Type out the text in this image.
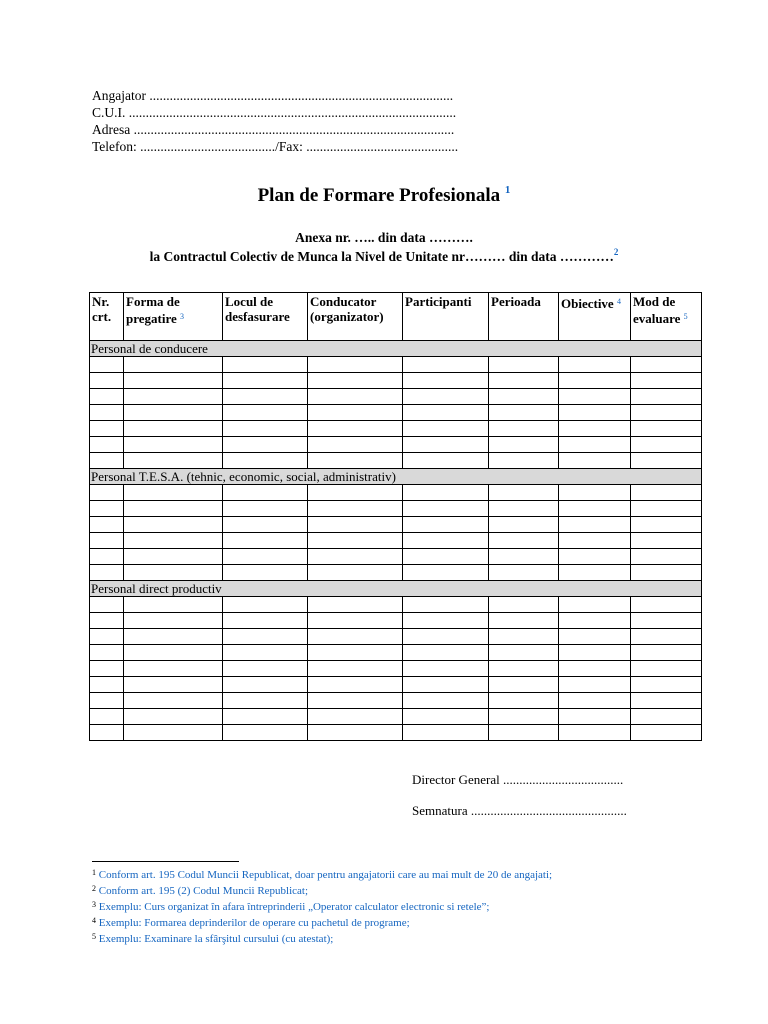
Angajator ..........................................................................................
C.U.I. .................................................................................................
Adresa ...............................................................................................
Telefon: ......................................../Fax: .............................................
Plan de Formare Profesionala $^1$
Anexa nr. ….. din data ……….
la Contractul Colectiv de Munca la Nivel de Unitate nr……… din data …………$^2$
Nr. crt.	Forma de pregatire $^3$	Locul de desfasurare	Conducator (organizator)	Participanti	Perioada	Obiective $^4$	Mod de evaluare $^5$
Personal de conducere							

Personal T.E.S.A. (tehnic, economic, social, administrativ)							

Personal direct productiv							

Director General .....................................
Semnatura ................................................
$^1$ Conform art. 195 Codul Muncii Republicat, doar pentru angajatorii care au mai mult de 20 de angajati;
$^2$ Conform art. 195 (2) Codul Muncii Republicat;
$^3$ Exemplu: Curs organizat în afara întreprinderii „Operator calculator electronic si retele”;
$^4$ Exemplu: Formarea deprinderilor de operare cu pachetul de programe;
$^5$ Exemplu: Examinare la sfârşitul cursului (cu atestat);
